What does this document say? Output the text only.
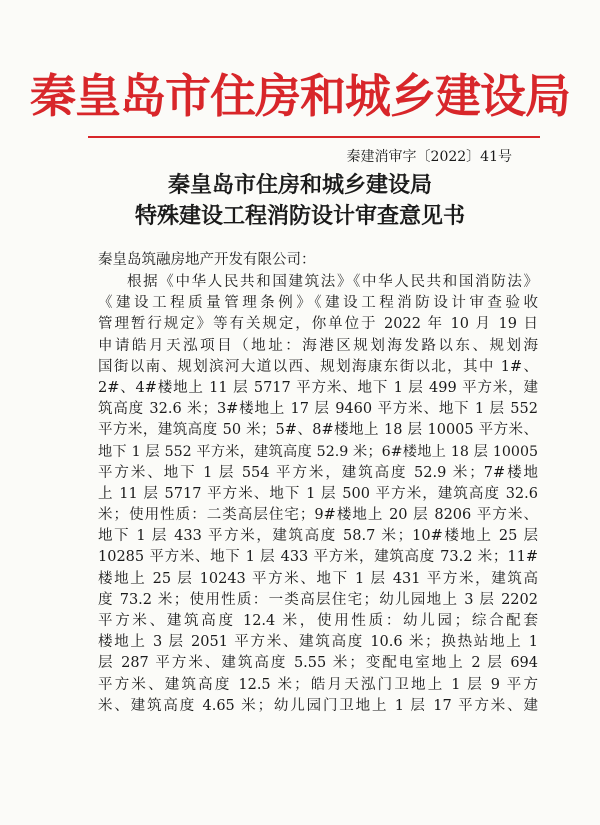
秦皇岛市住房和城乡建设局
秦建消审字〔2022〕41号
秦皇岛市住房和城乡建设局
特殊建设工程消防设计审查意见书
秦皇岛筑融房地产开发有限公司：
根据《中华人民共和国建筑法》《中华人民共和国消防法》
《建设工程质量管理条例》《建设工程消防设计审查验收
管理暂行规定》等有关规定，你单位于 2022 年 10 月 19 日
申请皓月天泓项目（地址：海港区规划海发路以东、规划海
国街以南、规划滨河大道以西、规划海康东街以北，其中 1#、
2#、4#楼地上 11 层 5717 平方米、地下 1 层 499 平方米，建
筑高度 32.6 米；3#楼地上 17 层 9460 平方米、地下 1 层 552
平方米，建筑高度 50 米；5#、8#楼地上 18 层 10005 平方米、
地下 1 层 552 平方米，建筑高度 52.9 米；6#楼地上 18 层 10005
平方米、地下 1 层 554 平方米，建筑高度 52.9 米；7#楼地
上 11 层 5717 平方米、地下 1 层 500 平方米，建筑高度 32.6
米；使用性质：二类高层住宅；9#楼地上 20 层 8206 平方米、
地下 1 层 433 平方米，建筑高度 58.7 米；10#楼地上 25 层
10285 平方米、地下 1 层 433 平方米，建筑高度 73.2 米；11#
楼地上 25 层 10243 平方米、地下 1 层 431 平方米，建筑高
度 73.2 米；使用性质：一类高层住宅；幼儿园地上 3 层 2202
平方米、建筑高度 12.4 米，使用性质：幼儿园；综合配套
楼地上 3 层 2051 平方米、建筑高度 10.6 米；换热站地上 1
层 287 平方米、建筑高度 5.55 米；变配电室地上 2 层 694
平方米、建筑高度 12.5 米；皓月天泓门卫地上 1 层 9 平方
米、建筑高度 4.65 米；幼儿园门卫地上 1 层 17 平方米、建
